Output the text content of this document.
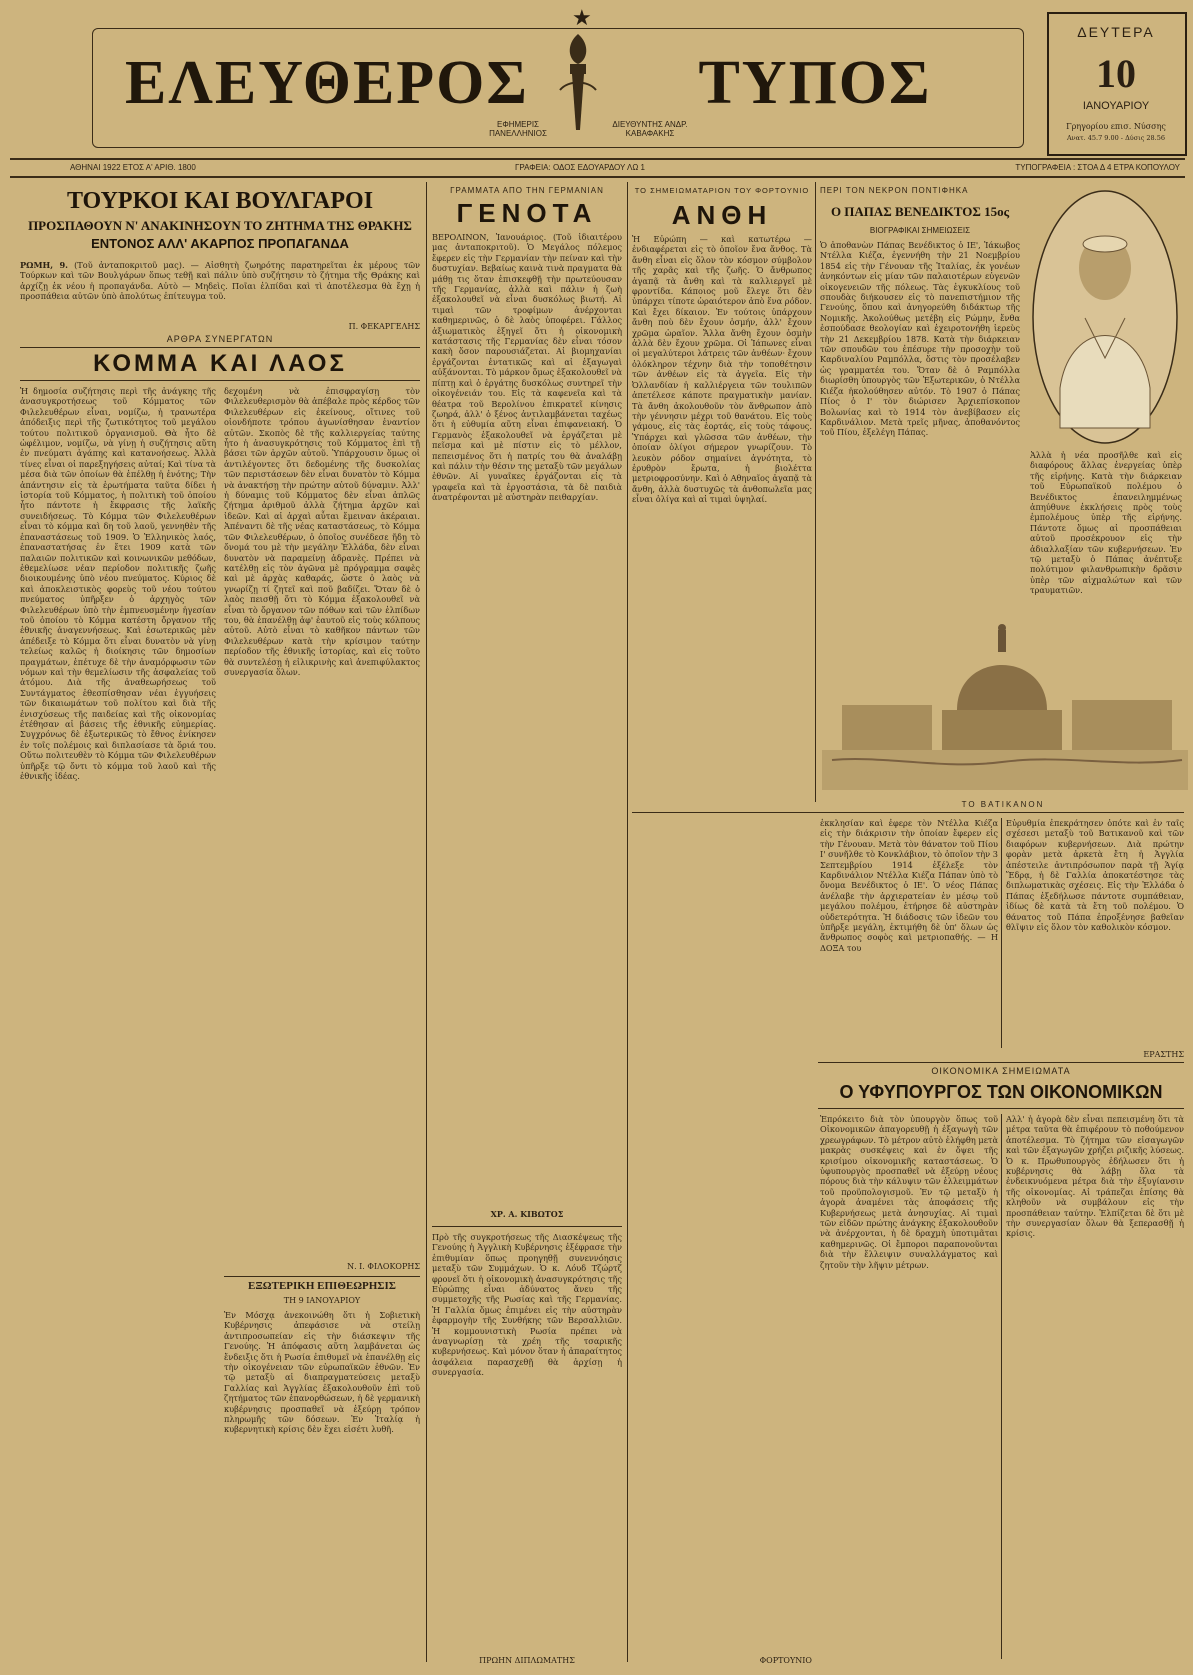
★
ΕΛΕΥΘΕΡΟΣ	ΤΥΠΟΣ
ΕΦΗΜΕΡΙΣ ΠΑΝΕΛΛΗΝΙΟΣ
ΔΙΕΥΘΥΝΤΗΣ ΑΝΔΡ. ΚΑΒΑΦΑΚΗΣ
ΔΕΥΤΕΡΑ
10
ΙΑΝΟΥΑΡΙΟΥ
Γρηγορίου επισ. Νύσσης
Ανατ. 45.7 9.00 - Δύσις 28.56
ΑΘΗΝΑΙ 1922 ΕΤΟΣ Α' ΑΡΙΘ. 1800	ΓΡΑΦΕΙΑ: ΟΔΟΣ ΕΔΟΥΑΡΔΟΥ ΛΩ 1	ΤΥΠΟΓΡΑΦΕΙΑ : ΣΤΟΑ Δ 4 ΕΤΡΑ ΚΟΠΟΥΛΟΥ
ΤΟΥΡΚΟΙ ΚΑΙ ΒΟΥΛΓΑΡΟΙ
ΠΡΟΣΠΑΘΟΥΝ Ν' ΑΝΑΚΙΝΗΣΟΥΝ ΤΟ ΖΗΤΗΜΑ ΤΗΣ ΘΡΑΚΗΣ
ΕΝΤΟΝΟΣ ΑΛΛ' ΑΚΑΡΠΟΣ ΠΡΟΠΑΓΑΝΔΑ
ΡΩΜΗ, 9. (Τοῦ ἀνταποκριτοῦ μας). — Αἰσθητὴ ζωηρότης παρατηρεῖται ἐκ μέρους τῶν Τούρκων καὶ τῶν Βουλγάρων ὅπως τεθῇ καὶ πάλιν ὑπὸ συζήτησιν τὸ ζήτημα τῆς Θράκης καὶ ἀρχίζῃ ἐκ νέου ἡ προπαγάνδα. Αὐτὸ — Μηδεὶς. Ποῖαι ἐλπίδαι καὶ τὶ ἀποτέλεσμα θὰ ἔχῃ ἡ προσπάθεια αὐτῶν ὑπὸ ἀπολύτως ἐπίτευγμα τοῦ.
Π. ΦΕΚΑΡΓΕΛΗΣ
ΑΡΘΡΑ ΣΥΝΕΡΓΑΤΩΝ
ΚΟΜΜΑ ΚΑΙ ΛΑΟΣ
Ἡ δημοσία συζήτησις περὶ τῆς ἀνάγκης τῆς ἀνασυγκροτήσεως τοῦ Κόμματος τῶν Φιλελευθέρων εἶναι, νομίζω, ἡ τρανωτέρα ἀπόδειξις περὶ τῆς ζωτικότητος τοῦ μεγάλου τούτου πολιτικοῦ ὀργανισμοῦ. Θὰ ἦτο δὲ ὠφέλιμον, νομίζω, νὰ γίνῃ ἡ συζήτησις αὕτη ἐν πνεύματι ἀγάπης καὶ κατανοήσεως. Ἀλλὰ τίνες εἶναι οἱ παρεξηγήσεις αὐταί; Καὶ τίνα τὰ μέσα διὰ τῶν ὁποίων θὰ ἐπέλθῃ ἡ ἐνότης; Τὴν ἀπάντησιν εἰς τὰ ἐρωτήματα ταῦτα δίδει ἡ ἱστορία τοῦ Κόμματος, ἡ πολιτικὴ τοῦ ὁποίου ἦτο πάντοτε ἡ ἔκφρασις τῆς λαϊκῆς συνειδήσεως. Τὸ Κόμμα τῶν Φιλελευθέρων εἶναι τὸ κόμμα καὶ δη τοῦ λαοῦ, γεννηθὲν τῆς ἐπαναστάσεως τοῦ 1909. Ὁ Ἑλληνικὸς λαός, ἐπαναστατήσας ἐν ἔτει 1909 κατὰ τῶν παλαιῶν πολιτικῶν καὶ κοινωνικῶν μεθόδων, ἐθεμελίωσε νέαν περίοδον πολιτικῆς ζωῆς διοικουμένης ὑπὸ νέου πνεύματος. Κύριος δὲ καὶ ἀποκλειστικὸς φορεὺς τοῦ νέου τούτου πνεύματος ὑπῆρξεν ὁ ἀρχηγὸς τῶν Φιλελευθέρων ὑπὸ τὴν ἐμπνευσμένην ἡγεσίαν τοῦ ὁποίου τὸ Κόμμα κατέστη ὄργανον τῆς ἐθνικῆς ἀναγεννήσεως. Καὶ ἐσωτερικῶς μὲν ἀπέδειξε τὸ Κόμμα ὅτι εἶναι δυνατὸν νὰ γίνῃ τελείως καλῶς ἡ διοίκησις τῶν δημοσίων πραγμάτων, ἐπέτυχε δὲ τὴν ἀναμόρφωσιν τῶν νόμων καὶ τὴν θεμελίωσιν τῆς ἀσφαλείας τοῦ ἀτόμου. Διὰ τῆς ἀναθεωρήσεως τοῦ Συντάγματος ἐθεσπίσθησαν νέαι ἐγγυήσεις τῶν δικαιωμάτων τοῦ πολίτου καὶ διὰ τῆς ἐνισχύσεως τῆς παιδείας καὶ τῆς οἰκονομίας ἐτέθησαν αἱ βάσεις τῆς ἐθνικῆς εὐημερίας. Συγχρόνως δὲ ἐξωτερικῶς τὸ ἔθνος ἐνίκησεν ἐν τοῖς πολέμοις καὶ διπλασίασε τὰ ὅριά του. Οὕτω πολιτευθὲν τὸ Κόμμα τῶν Φιλελευθέρων ὑπῆρξε τῷ ὄντι τὸ κόμμα τοῦ λαοῦ καὶ τῆς ἐθνικῆς ἰδέας.
δεχομένη νὰ ἐπισφραγίσῃ τὸν Φιλελευθερισμὸν θὰ ἀπέβαλε πρὸς κέρδος τῶν Φιλελευθέρων εἰς ἐκείνους, οἵτινες τοῦ οἰονδήποτε τρόπου ἀγωνίσθησαν ἐναντίον αὐτῶν. Σκοπὸς δὲ τῆς καλλιεργείας ταύτης ἦτο ἡ ἀνασυγκρότησις τοῦ Κόμματος ἐπὶ τῇ βάσει τῶν ἀρχῶν αὐτοῦ. Ὑπάρχουσιν ὅμως οἱ ἀντιλέγοντες ὅτι δεδομένης τῆς δυσκολίας τῶν περιστάσεων δὲν εἶναι δυνατὸν τὸ Κόμμα νὰ ἀνακτήσῃ τὴν πρώτην αὐτοῦ δύναμιν. Ἀλλ' ἡ δύναμις τοῦ Κόμματος δὲν εἶναι ἁπλῶς ζήτημα ἀριθμοῦ ἀλλὰ ζήτημα ἀρχῶν καὶ ἰδεῶν. Καὶ αἱ ἀρχαὶ αὗται ἔμειναν ἀκέραιαι. Ἀπέναντι δὲ τῆς νέας καταστάσεως, τὸ Κόμμα τῶν Φιλελευθέρων, ὁ ὁποῖος συνέδεσε ἤδη τὸ ὄνομά του μὲ τὴν μεγάλην Ἑλλάδα, δὲν εἶναι δυνατὸν νὰ παραμείνῃ ἀδρανὲς. Πρέπει νὰ κατέλθῃ εἰς τὸν ἀγῶνα μὲ πρόγραμμα σαφὲς καὶ μὲ ἀρχὰς καθαράς, ὥστε ὁ λαὸς νὰ γνωρίζῃ τί ζητεῖ καὶ ποῦ βαδίζει. Ὅταν δὲ ὁ λαὸς πεισθῇ ὅτι τὸ Κόμμα ἐξακολουθεῖ νὰ εἶναι τὸ ὄργανον τῶν πόθων καὶ τῶν ἐλπίδων του, θὰ ἐπανέλθῃ ἀφ' ἑαυτοῦ εἰς τοὺς κόλπους αὐτοῦ. Αὐτὸ εἶναι τὸ καθῆκον πάντων τῶν Φιλελευθέρων κατὰ τὴν κρίσιμον ταύτην περίοδον τῆς ἐθνικῆς ἱστορίας, καὶ εἰς τοῦτο θὰ συντελέσῃ ἡ εἰλικρινὴς καὶ ἀνεπιφύλακτος συνεργασία ὅλων.
Ν. Ι. ΦΙΛΟΚΟΡΗΣ
ΕΞΩΤΕΡΙΚΗ ΕΠΙΘΕΩΡΗΣΙΣ
ΤΗ 9 ΙΑΝΟΥΑΡΙΟΥ
Ἐν Μόσχᾳ ἀνεκοινώθη ὅτι ἡ Σοβιετικὴ Κυβέρνησις ἀπεφάσισε νὰ στείλῃ ἀντιπροσωπείαν εἰς τὴν διάσκεψιν τῆς Γενούης. Ἡ ἀπόφασις αὕτη λαμβάνεται ὡς ἔνδειξις ὅτι ἡ Ρωσία ἐπιθυμεῖ νὰ ἐπανέλθῃ εἰς τὴν οἰκογένειαν τῶν εὐρωπαϊκῶν ἐθνῶν. Ἐν τῷ μεταξὺ αἱ διαπραγματεύσεις μεταξὺ Γαλλίας καὶ Ἀγγλίας ἐξακολουθοῦν ἐπὶ τοῦ ζητήματος τῶν ἐπανορθώσεων, ἡ δὲ γερμανικὴ κυβέρνησις προσπαθεῖ νὰ ἐξεύρῃ τρόπον πληρωμῆς τῶν δόσεων. Ἐν Ἰταλίᾳ ἡ κυβερνητικὴ κρίσις δὲν ἔχει εἰσέτι λυθῆ.
ΓΡΑΜΜΑΤΑ ΑΠΟ ΤΗΝ ΓΕΡΜΑΝΙΑΝ
ΓΕΝΟΤΑ
ΒΕΡΟΛΙΝΟΝ, Ἰανουάριος. (Τοῦ ἰδιαιτέρου μας ἀνταποκριτοῦ). Ὁ Μεγάλος πόλεμος ἔφερεν εἰς τὴν Γερμανίαν τὴν πείναν καὶ τὴν δυστυχίαν. Βεβαίως καινὰ τινὰ πραγματα θὰ μάθῃ τις ὅταν ἐπισκεφθῇ τὴν πρωτεύουσαν τῆς Γερμανίας, ἀλλὰ καὶ πάλιν ἡ ζωὴ ἐξακολουθεῖ νὰ εἶναι δυσκόλως βιωτή. Αἱ τιμαὶ τῶν τροφίμων ἀνέρχονται καθημερινῶς, ὁ δὲ λαὸς ὑποφέρει. Γάλλος ἀξιωματικὸς ἐξηγεῖ ὅτι ἡ οἰκονομικὴ κατάστασις τῆς Γερμανίας δὲν εἶναι τόσον κακὴ ὅσον παρουσιάζεται. Αἱ βιομηχανίαι ἐργάζονται ἐντατικῶς καὶ αἱ ἐξαγωγαὶ αὐξάνονται. Τὸ μάρκον ὅμως ἐξακολουθεῖ νὰ πίπτῃ καὶ ὁ ἐργάτης δυσκόλως συντηρεῖ τὴν οἰκογένειάν του. Εἰς τὰ καφενεῖα καὶ τὰ θέατρα τοῦ Βερολίνου ἐπικρατεῖ κίνησις ζωηρά, ἀλλ' ὁ ξένος ἀντιλαμβάνεται ταχέως ὅτι ἡ εὐθυμία αὕτη εἶναι ἐπιφανειακή. Ὁ Γερμανὸς ἐξακολουθεῖ νὰ ἐργάζεται μὲ πεῖσμα καὶ μὲ πίστιν εἰς τὸ μέλλον, πεπεισμένος ὅτι ἡ πατρίς του θὰ ἀναλάβῃ καὶ πάλιν τὴν θέσιν της μεταξὺ τῶν μεγάλων ἐθνῶν. Αἱ γυναῖκες ἐργάζονται εἰς τὰ γραφεῖα καὶ τὰ ἐργοστάσια, τὰ δὲ παιδιὰ ἀνατρέφονται μὲ αὐστηρὰν πειθαρχίαν.
ΧΡ. Α. ΚΙΒΩΤΟΣ
Πρὸ τῆς συγκροτήσεως τῆς Διασκέψεως τῆς Γενούης ἡ Ἀγγλικὴ Κυβέρνησις ἐξέφρασε τὴν ἐπιθυμίαν ὅπως προηγηθῇ συνεννόησις μεταξὺ τῶν Συμμάχων. Ὁ κ. Λόυδ Τζώρτζ φρονεῖ ὅτι ἡ οἰκονομικὴ ἀνασυγκρότησις τῆς Εὐρώπης εἶναι ἀδύνατος ἄνευ τῆς συμμετοχῆς τῆς Ρωσίας καὶ τῆς Γερμανίας. Ἡ Γαλλία ὅμως ἐπιμένει εἰς τὴν αὐστηρὰν ἐφαρμογὴν τῆς Συνθήκης τῶν Βερσαλλιῶν. Ἡ κομμουνιστικὴ Ρωσία πρέπει νὰ ἀναγνωρίσῃ τὰ χρέη τῆς τσαρικῆς κυβερνήσεως. Καὶ μόνον ὅταν ἡ ἀπαραίτητος ἀσφάλεια παρασχεθῇ θὰ ἀρχίσῃ ἡ συνεργασία.
ΠΡΩΗΝ ΔΙΠΛΩΜΑΤΗΣ
ΤΟ ΣΗΜΕΙΩΜΑΤΑΡΙΟΝ ΤΟΥ ΦΟΡΤΟΥΝΙΟ
ΑΝΘΗ
Ἡ Εὐρώπη — καὶ κατωτέρω — ἐνδιαφέρεται εἰς τὸ ὁποῖον ἔνα ἄνθος. Τὰ ἄνθη εἶναι εἰς ὅλον τὸν κόσμον σύμβολον τῆς χαρᾶς καὶ τῆς ζωῆς. Ὁ ἄνθρωπος ἀγαπᾷ τὰ ἄνθη καὶ τὰ καλλιεργεῖ μὲ φροντίδα. Κάποιος μοῦ ἔλεγε ὅτι δὲν ὑπάρχει τίποτε ὡραιότερον ἀπὸ ἕνα ρόδον. Καὶ ἔχει δίκαιον. Ἐν τούτοις ὑπάρχουν ἄνθη ποὺ δὲν ἔχουν ὀσμήν, ἀλλ' ἔχουν χρῶμα ὡραῖον. Ἄλλα ἄνθη ἔχουν ὀσμὴν ἀλλὰ δὲν ἔχουν χρῶμα. Οἱ Ἰάπωνες εἶναι οἱ μεγαλύτεροι λάτρεις τῶν ἀνθέων· ἔχουν ὁλόκληρον τέχνην διὰ τὴν τοποθέτησιν τῶν ἀνθέων εἰς τὰ ἀγγεῖα. Εἰς τὴν Ὀλλανδίαν ἡ καλλιέργεια τῶν τουλιπῶν ἀπετέλεσε κάποτε πραγματικὴν μανίαν. Τὰ ἄνθη ἀκολουθοῦν τὸν ἄνθρωπον ἀπὸ τὴν γέννησιν μέχρι τοῦ θανάτου. Εἰς τοὺς γάμους, εἰς τὰς ἑορτάς, εἰς τοὺς τάφους. Ὑπάρχει καὶ γλῶσσα τῶν ἀνθέων, τὴν ὁποίαν ὀλίγοι σήμερον γνωρίζουν. Τὸ λευκὸν ρόδον σημαίνει ἁγνότητα, τὸ ἐρυθρὸν ἔρωτα, ἡ βιολέττα μετριοφροσύνην. Καὶ ὁ Αθηναῖος ἀγαπᾷ τὰ ἄνθη, ἀλλὰ δυστυχῶς τὰ ἀνθοπωλεῖα μας εἶναι ὀλίγα καὶ αἱ τιμαὶ ὑψηλαί.
ΦΟΡΤΟΥΝΙΟ
ΠΕΡΙ ΤΟΝ ΝΕΚΡΟΝ ΠΟΝΤΙΦΗΚΑ
Ο ΠΑΠΑΣ ΒΕΝΕΔΙΚΤΟΣ 15ος
ΒΙΟΓΡΑΦΙΚΑΙ ΣΗΜΕΙΩΣΕΙΣ
Ὁ ἀποθανὼν Πάπας Βενέδικτος ὁ ΙΕ', Ἰάκωβος Ντέλλα Κιέζα, ἐγεννήθη τὴν 21 Νοεμβρίου 1854 εἰς τὴν Γένουαν τῆς Ἰταλίας, ἐκ γονέων ἀνηκόντων εἰς μίαν τῶν παλαιοτέρων εὐγενῶν οἰκογενειῶν τῆς πόλεως. Τὰς ἐγκυκλίους τοῦ σπουδὰς διήκουσεν εἰς τὸ πανεπιστήμιον τῆς Γενούης, ὅπου καὶ ἀνηγορεύθη διδάκτωρ τῆς Νομικῆς. Ἀκολούθως μετέβη εἰς Ρώμην, ἔνθα ἐσπούδασε θεολογίαν καὶ ἐχειροτονήθη ἱερεὺς τὴν 21 Δεκεμβρίου 1878. Κατὰ τὴν διάρκειαν τῶν σπουδῶν του ἐπέσυρε τὴν προσοχὴν τοῦ Καρδιναλίου Ραμπόλλα, ὅστις τὸν προσέλαβεν ὡς γραμματέα του. Ὅταν δὲ ὁ Ραμπόλλα διωρίσθη ὑπουργὸς τῶν Ἐξωτερικῶν, ὁ Ντέλλα Κιέζα ἠκολούθησεν αὐτόν. Τὸ 1907 ὁ Πάπας Πίος ὁ Ι' τὸν διώρισεν Ἀρχιεπίσκοπον Βολωνίας καὶ τὸ 1914 τὸν ἀνεβίβασεν εἰς Καρδινάλιον. Μετὰ τρεῖς μῆνας, ἀποθανόντος τοῦ Πίου, ἐξελέγη Πάπας.
Ἀλλὰ ἡ νέα προσῆλθε καὶ εἰς διαφόρους ἄλλας ἐνεργείας ὑπὲρ τῆς εἰρήνης. Κατὰ τὴν διάρκειαν τοῦ Εὐρωπαϊκοῦ πολέμου ὁ Βενέδικτος ἐπανειλημμένως ἀπηύθυνε ἐκκλήσεις πρὸς τοὺς ἐμπολέμους ὑπὲρ τῆς εἰρήνης. Πάντοτε ὅμως αἱ προσπάθειαι αὐτοῦ προσέκρουον εἰς τὴν ἀδιαλλαξίαν τῶν κυβερνήσεων. Ἐν τῷ μεταξὺ ὁ Πάπας ἀνέπτυξε πολύτιμον φιλανθρωπικὴν δρᾶσιν ὑπὲρ τῶν αἰχμαλώτων καὶ τῶν τραυματιῶν.
ΤΟ ΒΑΤΙΚΑΝΟΝ
ἐκκλησίαν καὶ ἐφερε τὸν Ντέλλα Κιέζα εἰς τὴν διάκρισιν τὴν ὁποίαν ἔφερεν εἰς τὴν Γένουαν. Μετὰ τὸν θάνατον τοῦ Πίου Ι' συνῆλθε τὸ Κονκλάβιον, τὸ ὁποῖον τὴν 3 Σεπτεμβρίου 1914 ἐξέλεξε τὸν Καρδινάλιον Ντέλλα Κιέζα Πάπαν ὑπὸ τὸ ὄνομα Βενέδικτος ὁ ΙΕ'. Ὁ νέος Πάπας ἀνέλαβε τὴν ἀρχιερατείαν ἐν μέσῳ τοῦ μεγάλου πολέμου, ἐτήρησε δὲ αὐστηρὰν οὐδετερότητα. Ἡ διάδοσις τῶν ἰδεῶν του ὑπῆρξε μεγάλη, ἐκτιμήθη δὲ ὑπ' ὅλων ὡς ἄνθρωπος σοφὸς καὶ μετριοπαθής. — Η ΔΟΞΑ του
Εὐρυθμία ἐπεκράτησεν ὁπότε καὶ ἐν ταῖς σχέσεσι μεταξὺ τοῦ Βατικανοῦ καὶ τῶν διαφόρων κυβερνήσεων. Διὰ πρώτην φορὰν μετὰ ἀρκετὰ ἔτη ἡ Ἀγγλία ἀπέστειλε ἀντιπρόσωπον παρὰ τῇ Ἁγίᾳ Ἕδρᾳ, ἡ δὲ Γαλλία ἀποκατέστησε τὰς διπλωματικὰς σχέσεις. Εἰς τὴν Ἑλλάδα ὁ Πάπας ἐξεδήλωσε πάντοτε συμπάθειαν, ἰδίως δὲ κατὰ τὰ ἔτη τοῦ πολέμου. Ὁ θάνατος τοῦ Πάπα ἐπροξένησε βαθεῖαν θλῖψιν εἰς ὅλον τὸν καθολικὸν κόσμον.
ΕΡΑΣΤΗΣ
ΟΙΚΟΝΟΜΙΚΑ ΣΗΜΕΙΩΜΑΤΑ
Ο ΥΦΥΠΟΥΡΓΟΣ ΤΩΝ ΟΙΚΟΝΟΜΙΚΩΝ
Ἐπρόκειτο διὰ τὸν ὑπουργὸν ὅπως τοῦ Οἰκονομικῶν ἀπαγορευθῇ ἡ ἐξαγωγὴ τῶν χρεωγράφων. Τὸ μέτρον αὐτὸ ἐλήφθη μετὰ μακρὰς συσκέψεις καὶ ἐν ὄψει τῆς κρισίμου οἰκονομικῆς καταστάσεως. Ὁ ὑφυπουργὸς προσπαθεῖ νὰ ἐξεύρῃ νέους πόρους διὰ τὴν κάλυψιν τῶν ἐλλειμμάτων τοῦ προϋπολογισμοῦ. Ἐν τῷ μεταξὺ ἡ ἀγορὰ ἀναμένει τὰς ἀποφάσεις τῆς Κυβερνήσεως μετὰ ἀνησυχίας. Αἱ τιμαὶ τῶν εἰδῶν πρώτης ἀνάγκης ἐξακολουθοῦν νὰ ἀνέρχονται, ἡ δὲ δραχμὴ ὑποτιμᾶται καθημερινῶς. Οἱ ἔμποροι παραπονοῦνται διὰ τὴν ἔλλειψιν συναλλάγματος καὶ ζητοῦν τὴν λῆψιν μέτρων.
Αλλ' ἡ ἀγορὰ δὲν εἶναι πεπεισμένη ὅτι τὰ μέτρα ταῦτα θὰ ἐπιφέρουν τὸ ποθούμενον ἀποτέλεσμα. Τὸ ζήτημα τῶν εἰσαγωγῶν καὶ τῶν ἐξαγωγῶν χρήζει ριζικῆς λύσεως. Ὁ κ. Πρωθυπουργὸς ἐδήλωσεν ὅτι ἡ κυβέρνησις θὰ λάβῃ ὅλα τὰ ἐνδεικνυόμενα μέτρα διὰ τὴν ἐξυγίανσιν τῆς οἰκονομίας. Αἱ τράπεζαι ἐπίσης θὰ κληθοῦν νὰ συμβάλουν εἰς τὴν προσπάθειαν ταύτην. Ἐλπίζεται δὲ ὅτι μὲ τὴν συνεργασίαν ὅλων θὰ ξεπερασθῇ ἡ κρίσις.
